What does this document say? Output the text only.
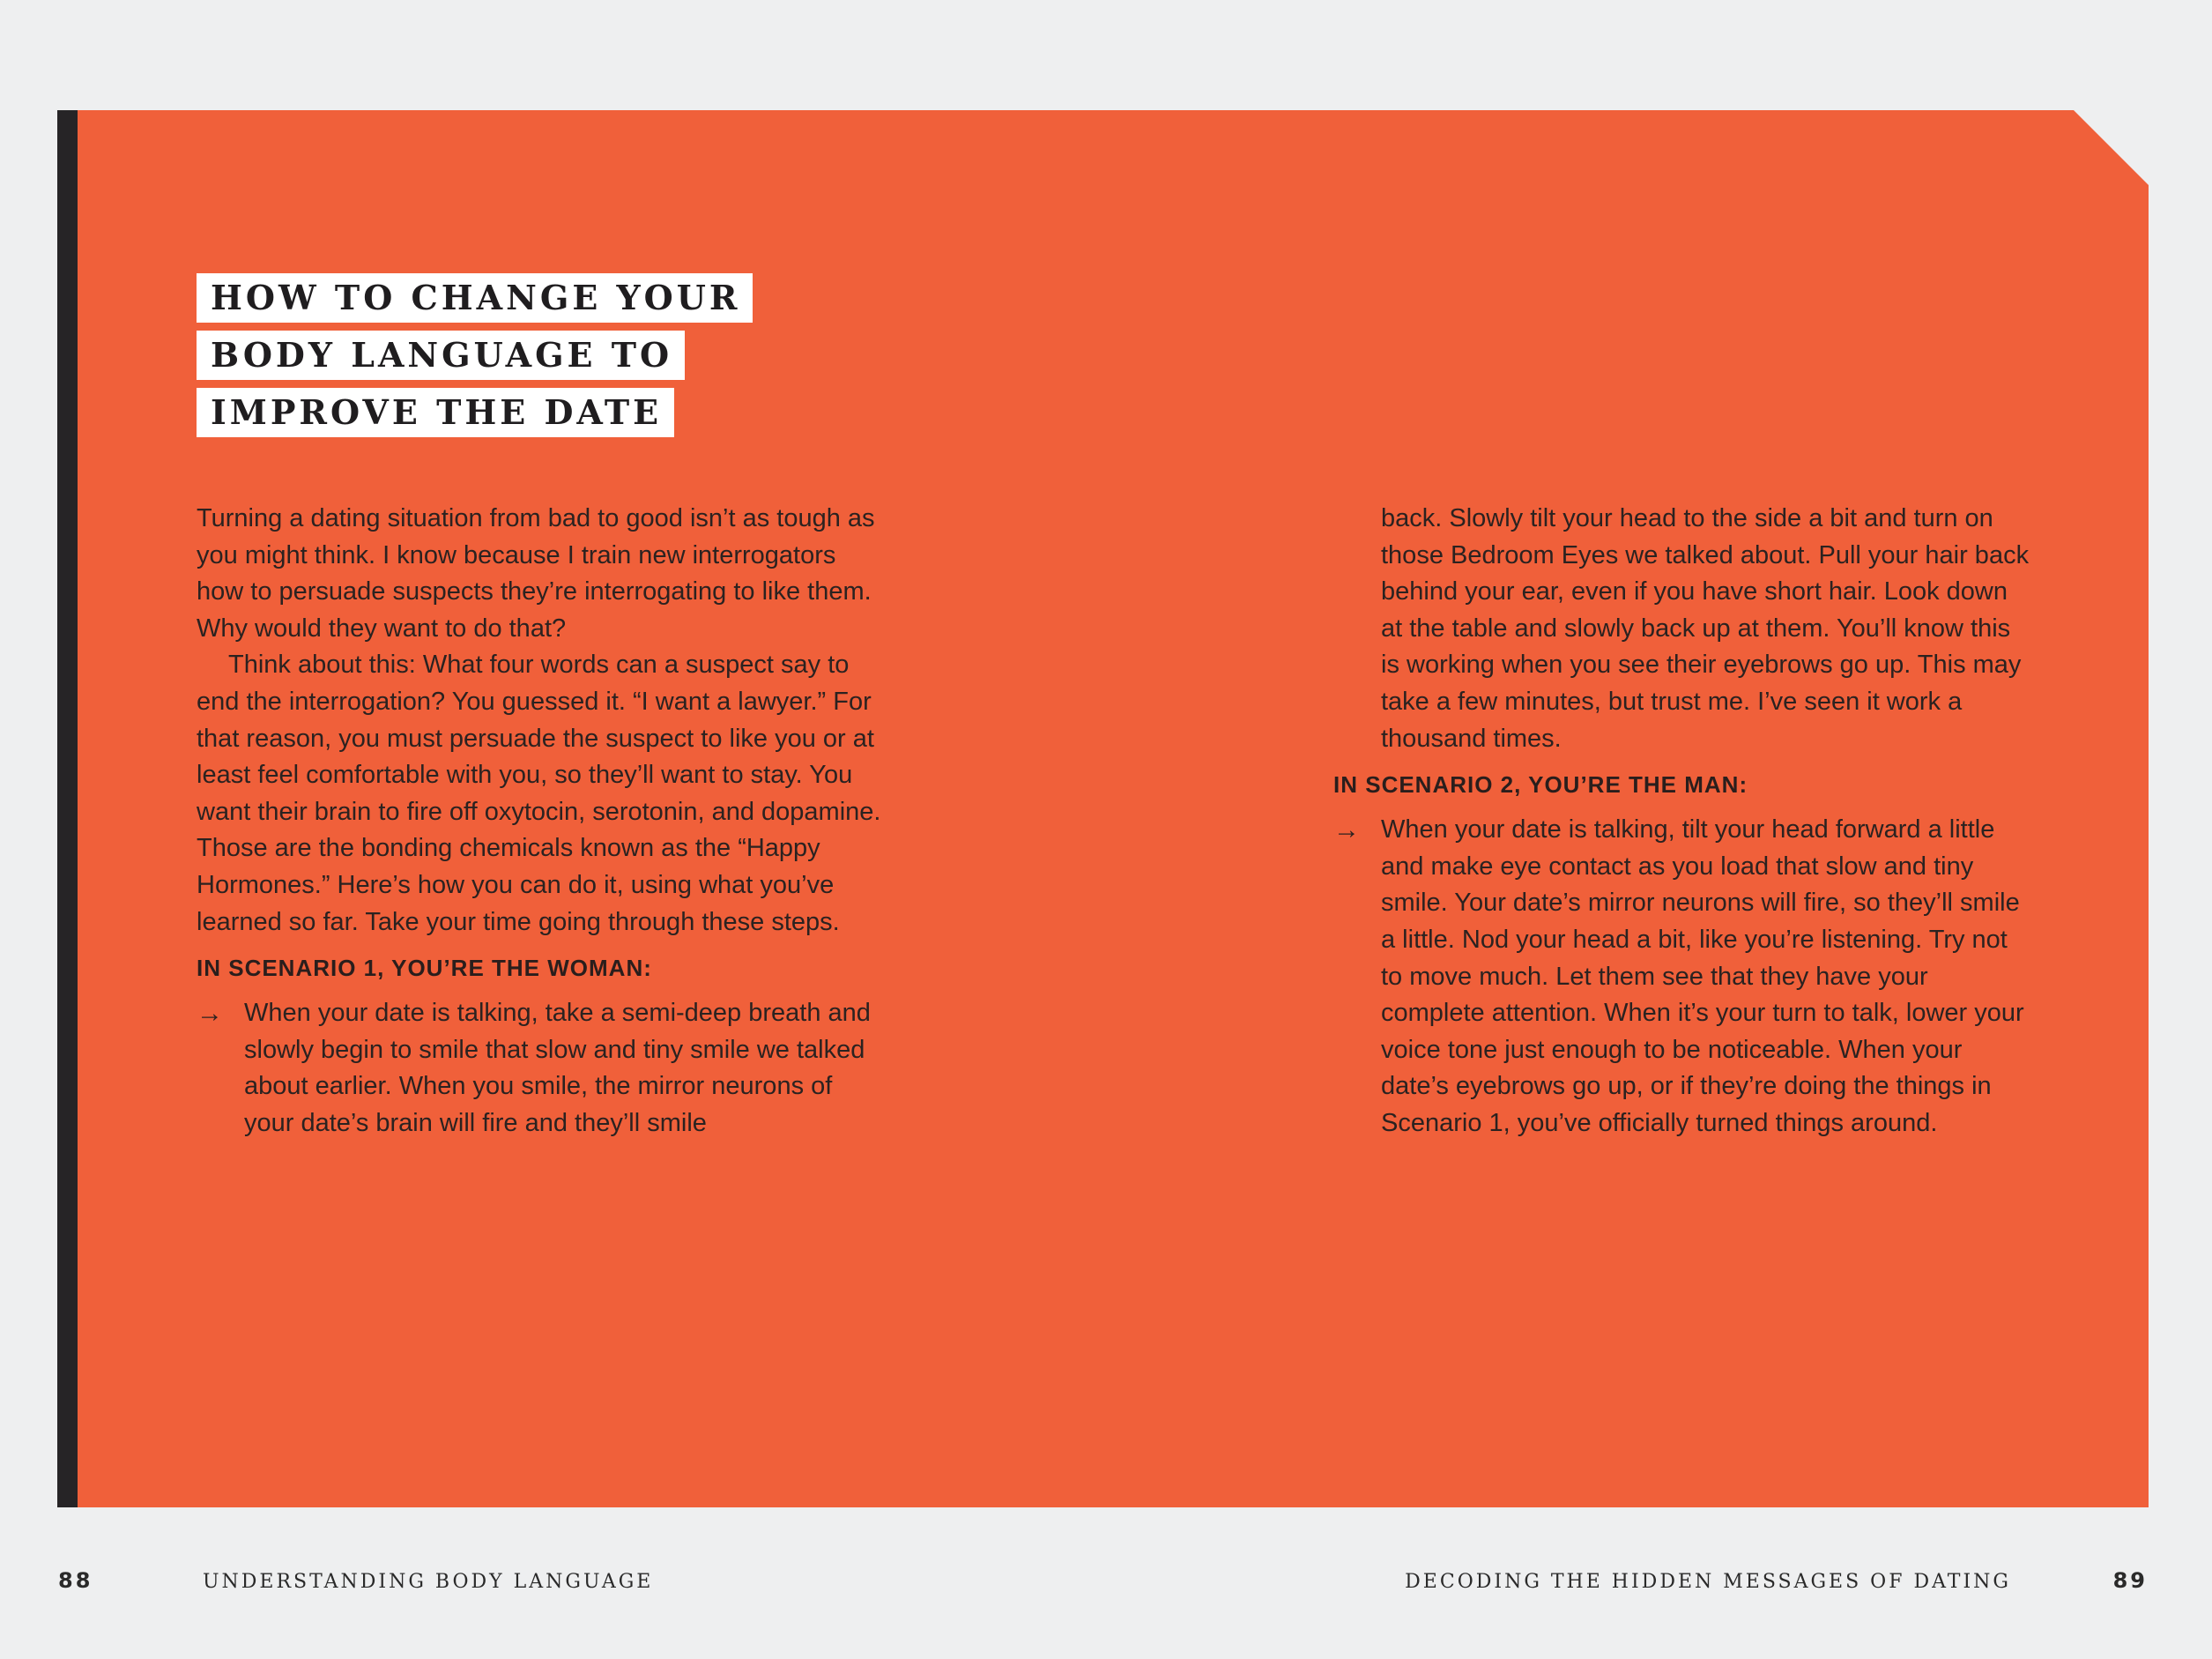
HOW TO CHANGE YOUR
BODY LANGUAGE TO
IMPROVE THE DATE

Turning a dating situation from bad to good isn’t as tough as you might think. I know because I train new interrogators how to persuade suspects they’re interrogating to like them. Why would they want to do that?

Think about this: What four words can a suspect say to end the interrogation? You guessed it. “I want a lawyer.” For that reason, you must persuade the suspect to like you or at least feel comfortable with you, so they’ll want to stay. You want their brain to fire off oxytocin, serotonin, and dopamine. Those are the bonding chemicals known as the “Happy Hormones.” Here’s how you can do it, using what you’ve learned so far. Take your time going through these steps.

IN SCENARIO 1, YOU’RE THE WOMAN:

→ When your date is talking, take a semi-deep breath and slowly begin to smile that slow and tiny smile we talked about earlier. When you smile, the mirror neurons of your date’s brain will fire and they’ll smile

back. Slowly tilt your head to the side a bit and turn on those Bedroom Eyes we talked about. Pull your hair back behind your ear, even if you have short hair. Look down at the table and slowly back up at them. You’ll know this is working when you see their eyebrows go up. This may take a few minutes, but trust me. I’ve seen it work a thousand times.

IN SCENARIO 2, YOU’RE THE MAN:

→ When your date is talking, tilt your head forward a little and make eye contact as you load that slow and tiny smile. Your date’s mirror neurons will fire, so they’ll smile a little. Nod your head a bit, like you’re listening. Try not to move much. Let them see that they have your complete attention. When it’s your turn to talk, lower your voice tone just enough to be noticeable. When your date’s eyebrows go up, or if they’re doing the things in Scenario 1, you’ve officially turned things around.
88	UNDERSTANDING BODY LANGUAGE	DECODING THE HIDDEN MESSAGES OF DATING	89
